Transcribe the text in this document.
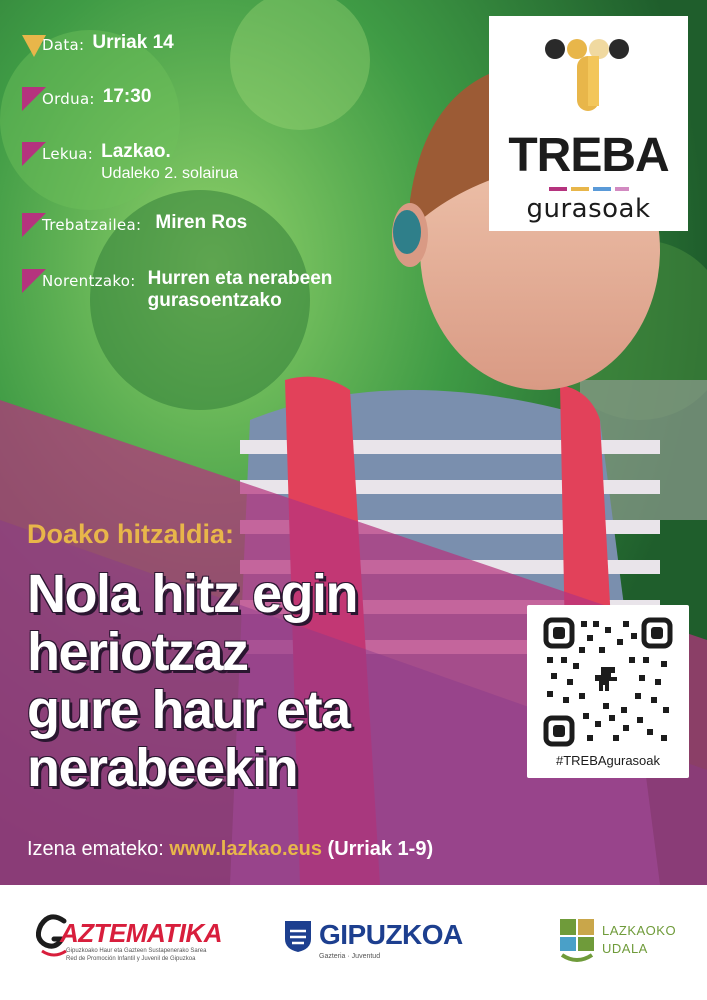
Data: Urriak 14
Ordua: 17:30
Lekua: Lazkao.
Udaleko 2. solairua
Trebatzailea: Miren Ros
Norentzako: Hurren eta nerabeen
gurasoentzako
TREBA
gurasoak
Doako hitzaldia:
Nola hitz egin
heriotzaz
gure haur eta
nerabeekin
Izena emateko: www.lazkao.eus (Urriak 1-9)
#TREBAgurasoak
AZTEMATIKA
Gipuzkoako Haur eta Gazteen Sustapenerako Sarea
Red de Promoción Infantil y Juvenil de Gipuzkoa
GIPUZKOA
Gazteria · Juventud
LAZKAOKO
UDALA
